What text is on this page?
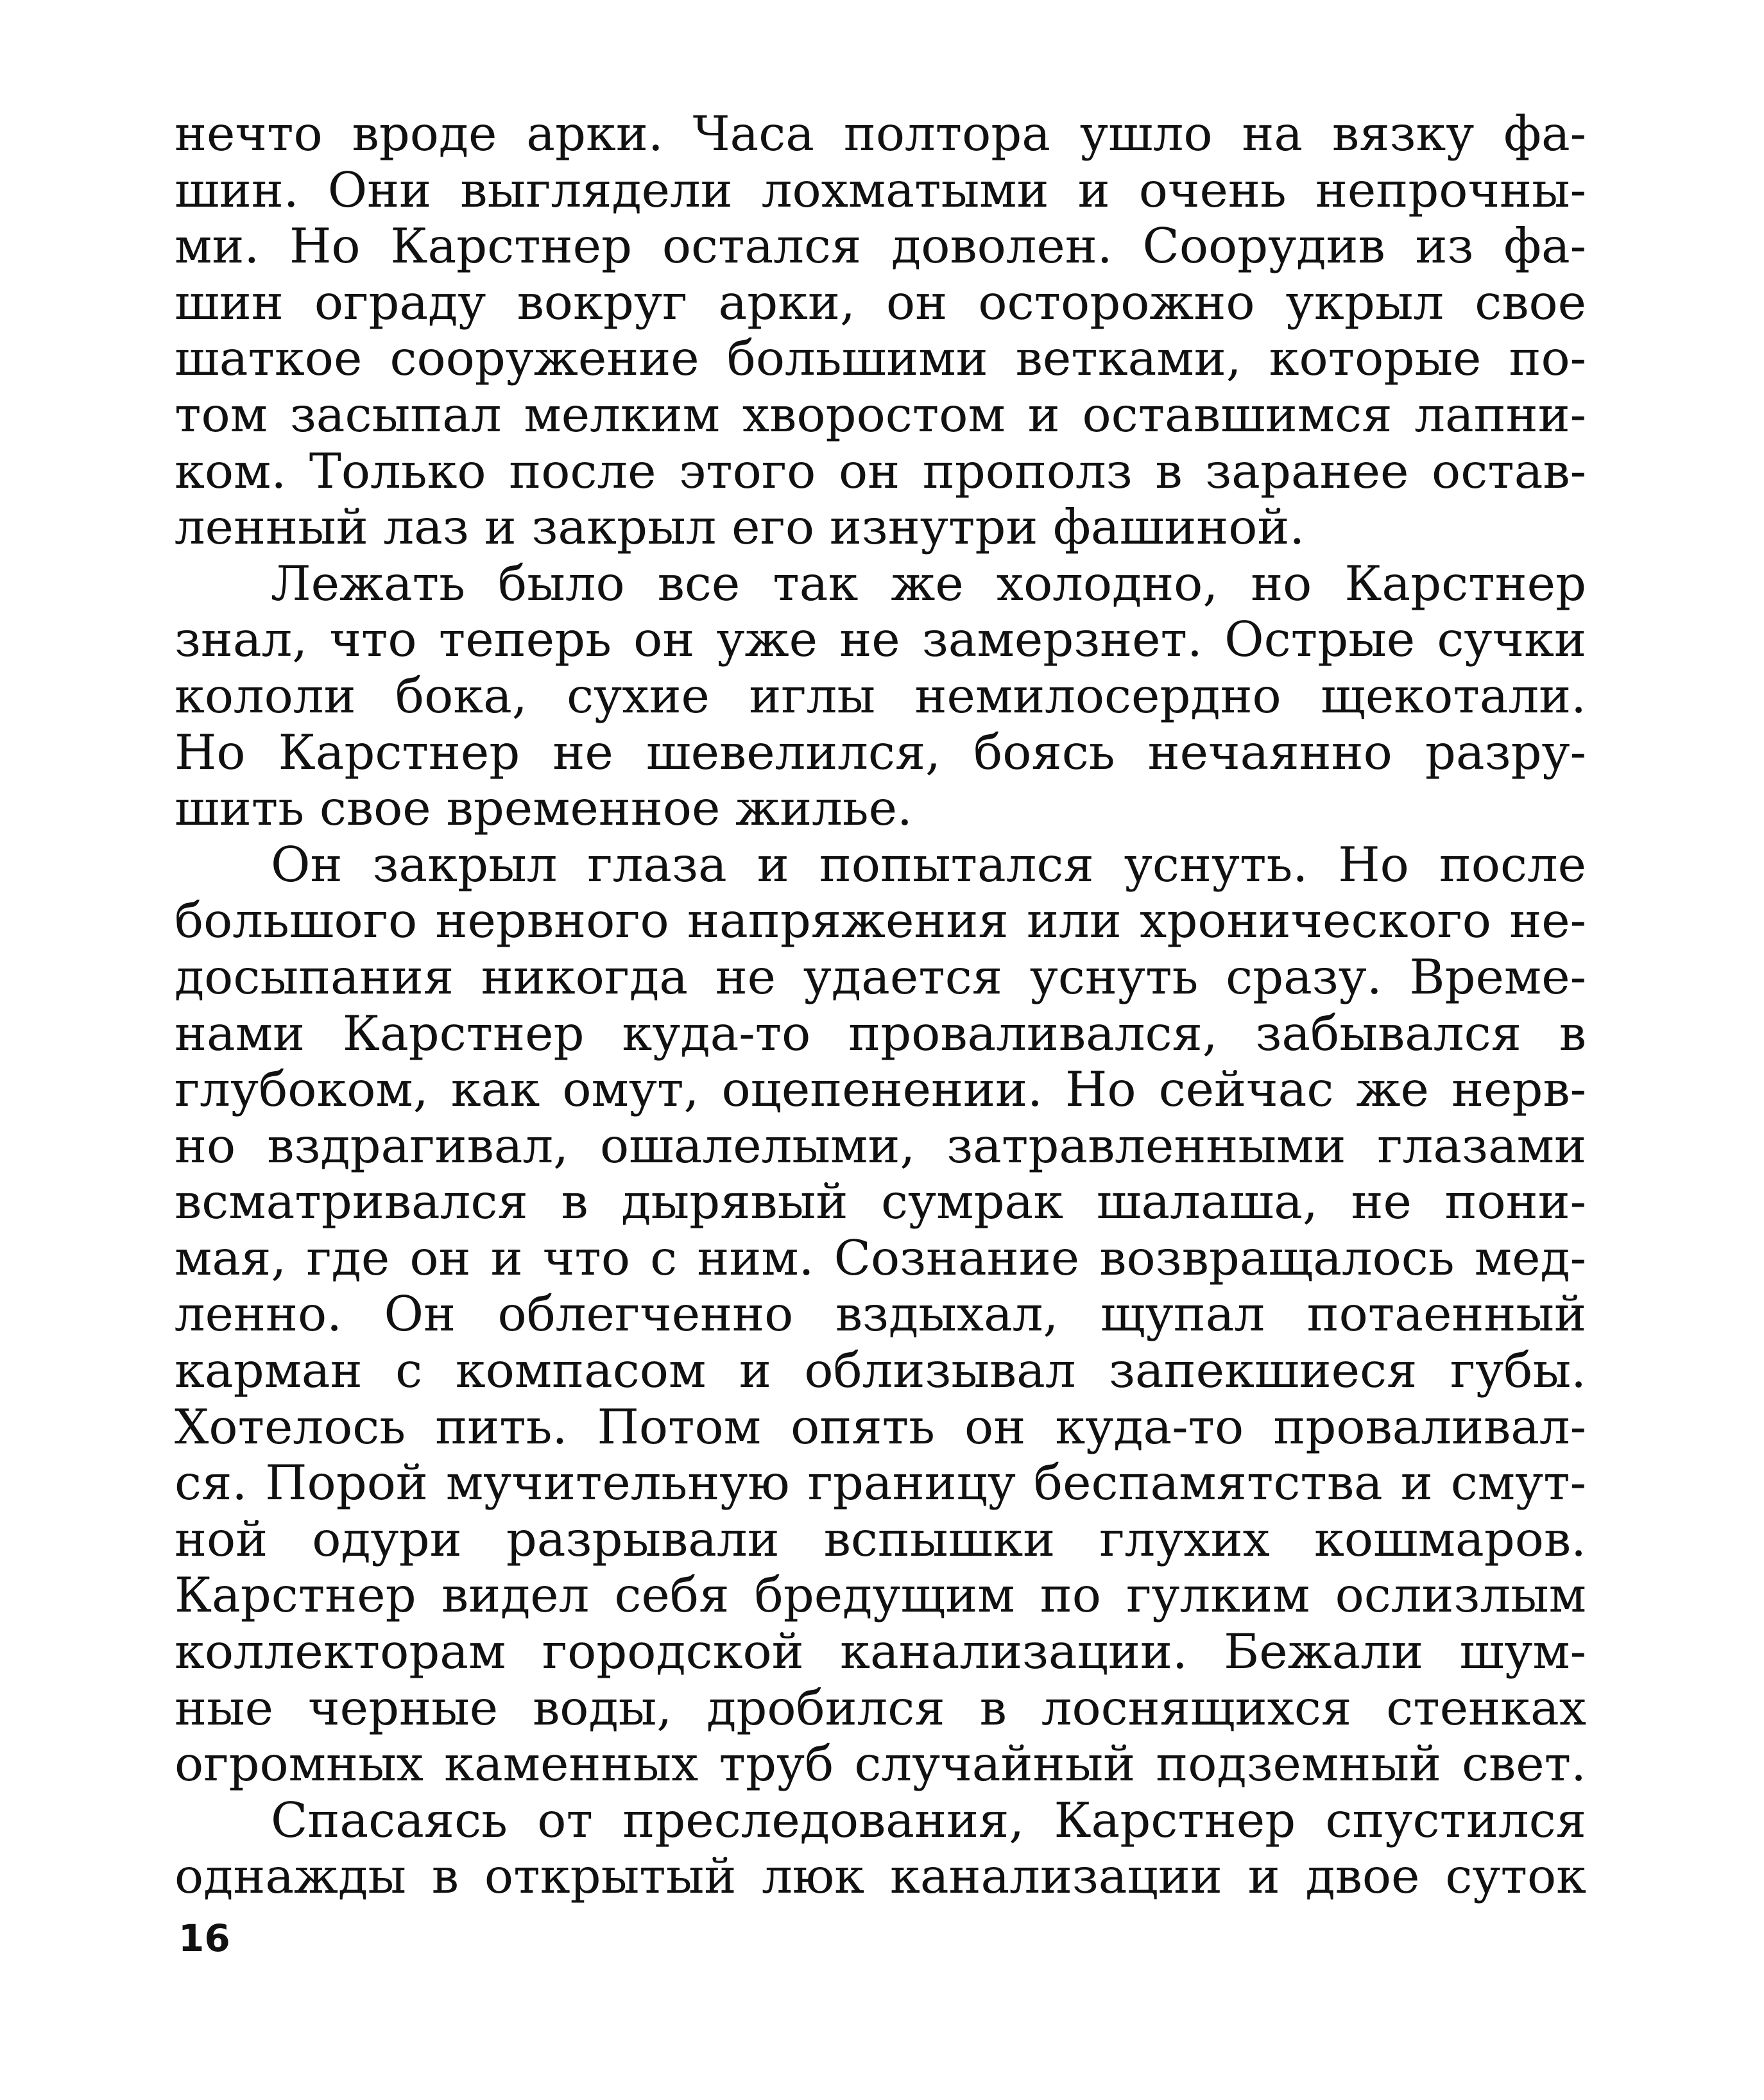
нечто вроде арки. Часа полтора ушло на вязку фа-
шин. Они выглядели лохматыми и очень непрочны-
ми. Но Карстнер остался доволен. Соорудив из фа-
шин ограду вокруг арки, он осторожно укрыл свое
шаткое сооружение большими ветками, которые по-
том засыпал мелким хворостом и оставшимся лапни-
ком. Только после этого он прополз в заранее остав-
ленный лаз и закрыл его изнутри фашиной.
Лежать было все так же холодно, но Карстнер
знал, что теперь он уже не замерзнет. Острые сучки
кололи бока, сухие иглы немилосердно щекотали.
Но Карстнер не шевелился, боясь нечаянно разру-
шить свое временное жилье.
Он закрыл глаза и попытался уснуть. Но после
большого нервного напряжения или хронического не-
досыпания никогда не удается уснуть сразу. Време-
нами Карстнер куда-то проваливался, забывался в
глубоком, как омут, оцепенении. Но сейчас же нерв-
но вздрагивал, ошалелыми, затравленными глазами
всматривался в дырявый сумрак шалаша, не пони-
мая, где он и что с ним. Сознание возвращалось мед-
ленно. Он облегченно вздыхал, щупал потаенный
карман с компасом и облизывал запекшиеся губы.
Хотелось пить. Потом опять он куда-то проваливал-
ся. Порой мучительную границу беспамятства и смут-
ной одури разрывали вспышки глухих кошмаров.
Карстнер видел себя бредущим по гулким ослизлым
коллекторам городской канализации. Бежали шум-
ные черные воды, дробился в лоснящихся стенках
огромных каменных труб случайный подземный свет.
Спасаясь от преследования, Карстнер спустился
однажды в открытый люк канализации и двое суток
16
